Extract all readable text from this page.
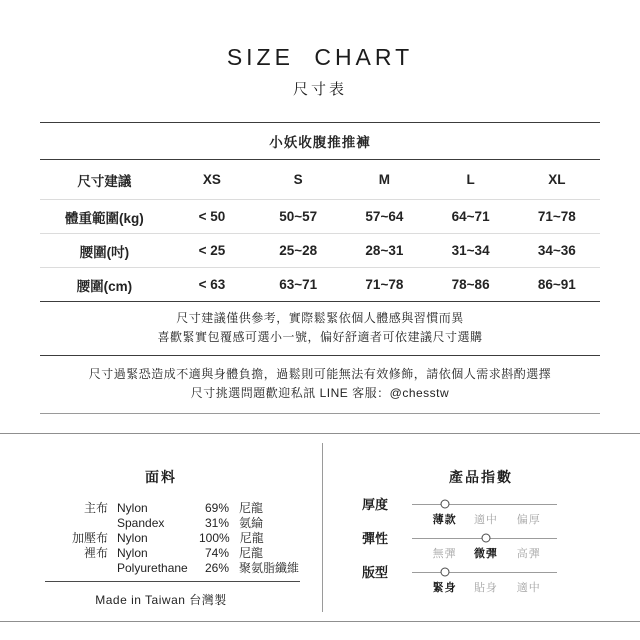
SIZE CHART
尺寸表
小妖收腹推推褲
尺寸建議	XS	S	M	L	XL
體重範圍(kg)	< 50	50~57	57~64	64~71	71~78
腰圍(吋)	< 25	25~28	28~31	31~34	34~36
腰圍(cm)	< 63	63~71	71~78	78~86	86~91
尺寸建議僅供參考，實際鬆緊依個人體感與習慣而異
喜歡緊實包覆感可選小一號，偏好舒適者可依建議尺寸選購
尺寸過緊恐造成不適與身體負擔，過鬆則可能無法有效修飾，請依個人需求斟酌選擇
尺寸挑選問題歡迎私訊 LINE 客服：@chesstw
面料
主布 Nylon	69% 尼龍
Spandex	31% 氨綸
加壓布 Nylon	100% 尼龍
裡布 Nylon	74% 尼龍
Polyurethane	26% 聚氨脂纖維
Made in Taiwan 台灣製
產品指數
厚度
薄款 適中 偏厚
彈性
無彈 微彈 高彈
版型
緊身 貼身 適中
